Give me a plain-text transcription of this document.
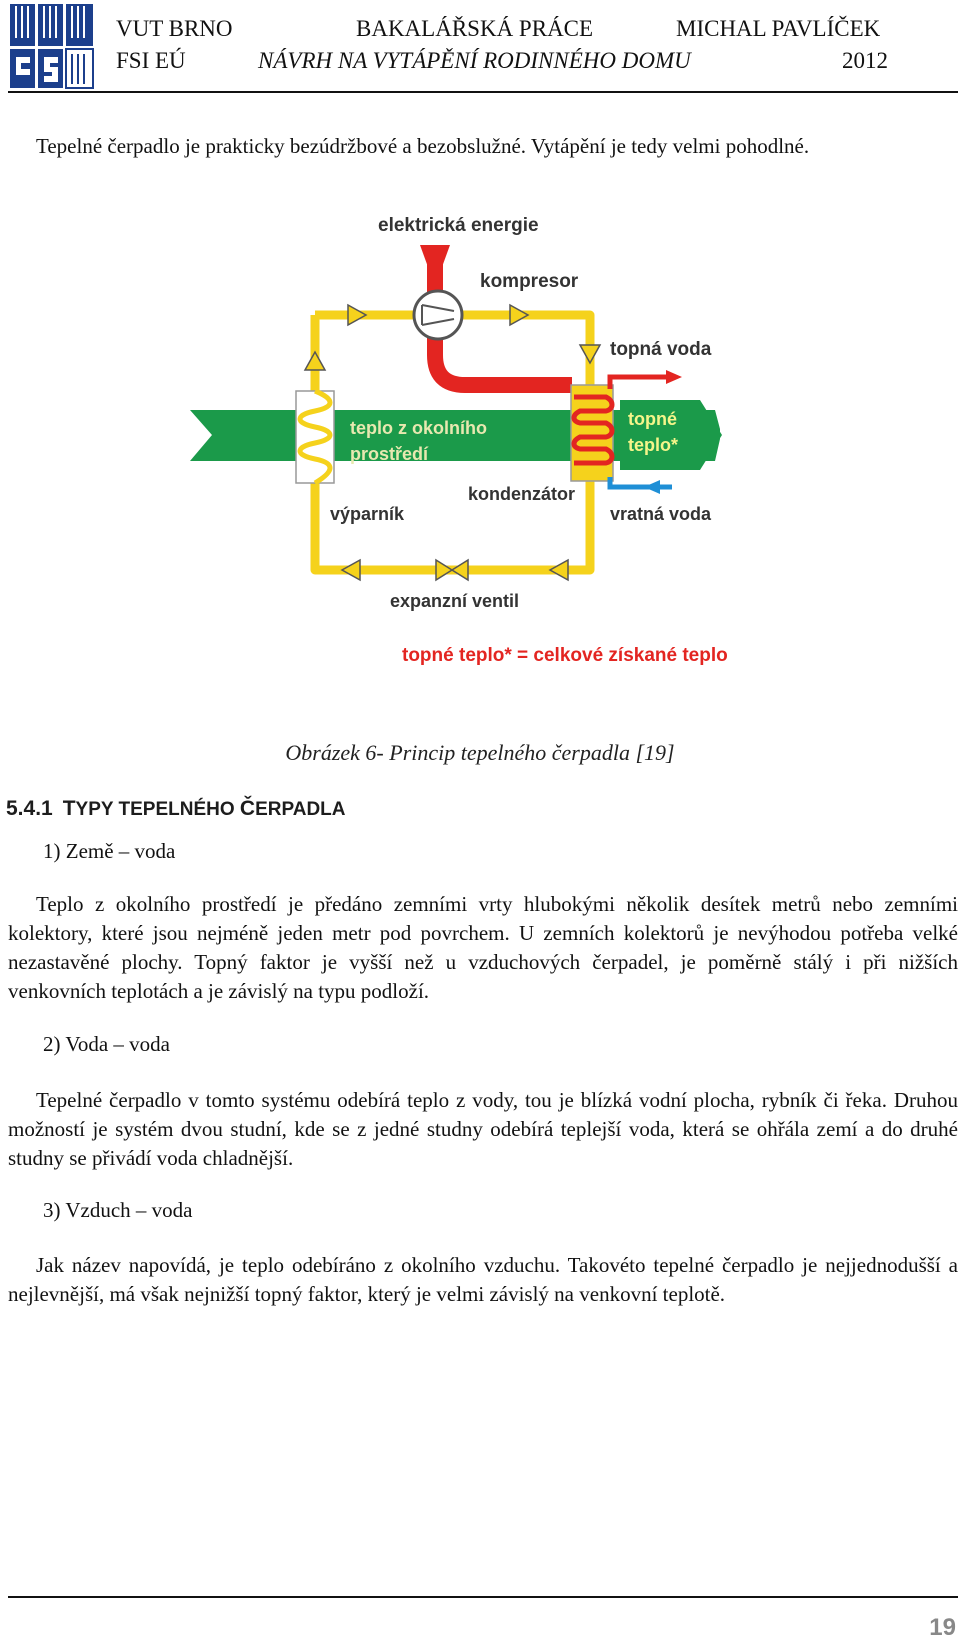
VUT BRNO
FSI EÚ
BAKALÁŘSKÁ PRÁCE
NÁVRH NA VYTÁPĚNÍ RODINNÉHO DOMU
MICHAL PAVLÍČEK
2012

Tepelné čerpadlo je prakticky bezúdržbové a bezobslužné. Vytápění je tedy velmi pohodlné.

elektrická energie
kompresor
topná voda
teplo z okolního
prostředí
topné
teplo*
kondenzátor
výparník	vratná voda
expanzní ventil
topné teplo* = celkové získané teplo
Obrázek 6- Princip tepelného čerpadla [19]
5.4.1 TYPY TEPELNÉHO ČERPADLA
1) Země – voda

Teplo z okolního prostředí je předáno zemními vrty hlubokými několik desítek metrů nebo zemními kolektory, které jsou nejméně jeden metr pod povrchem. U zemních kolektorů je nevýhodou potřeba velké nezastavěné plochy. Topný faktor je vyšší než u vzduchových čerpadel, je poměrně stálý i při nižších venkovních teplotách a je závislý na typu podloží.

2) Voda – voda

Tepelné čerpadlo v tomto systému odebírá teplo z vody, tou je blízká vodní plocha, rybník či řeka. Druhou možností je systém dvou studní, kde se z jedné studny odebírá teplejší voda, která se ohřála zemí a do druhé studny se přivádí voda chladnější.

3) Vzduch – voda

Jak název napovídá, je teplo odebíráno z okolního vzduchu. Takovéto tepelné čerpadlo je nejjednodušší a nejlevnější, má však nejnižší topný faktor, který je velmi závislý na venkovní teplotě.

19
